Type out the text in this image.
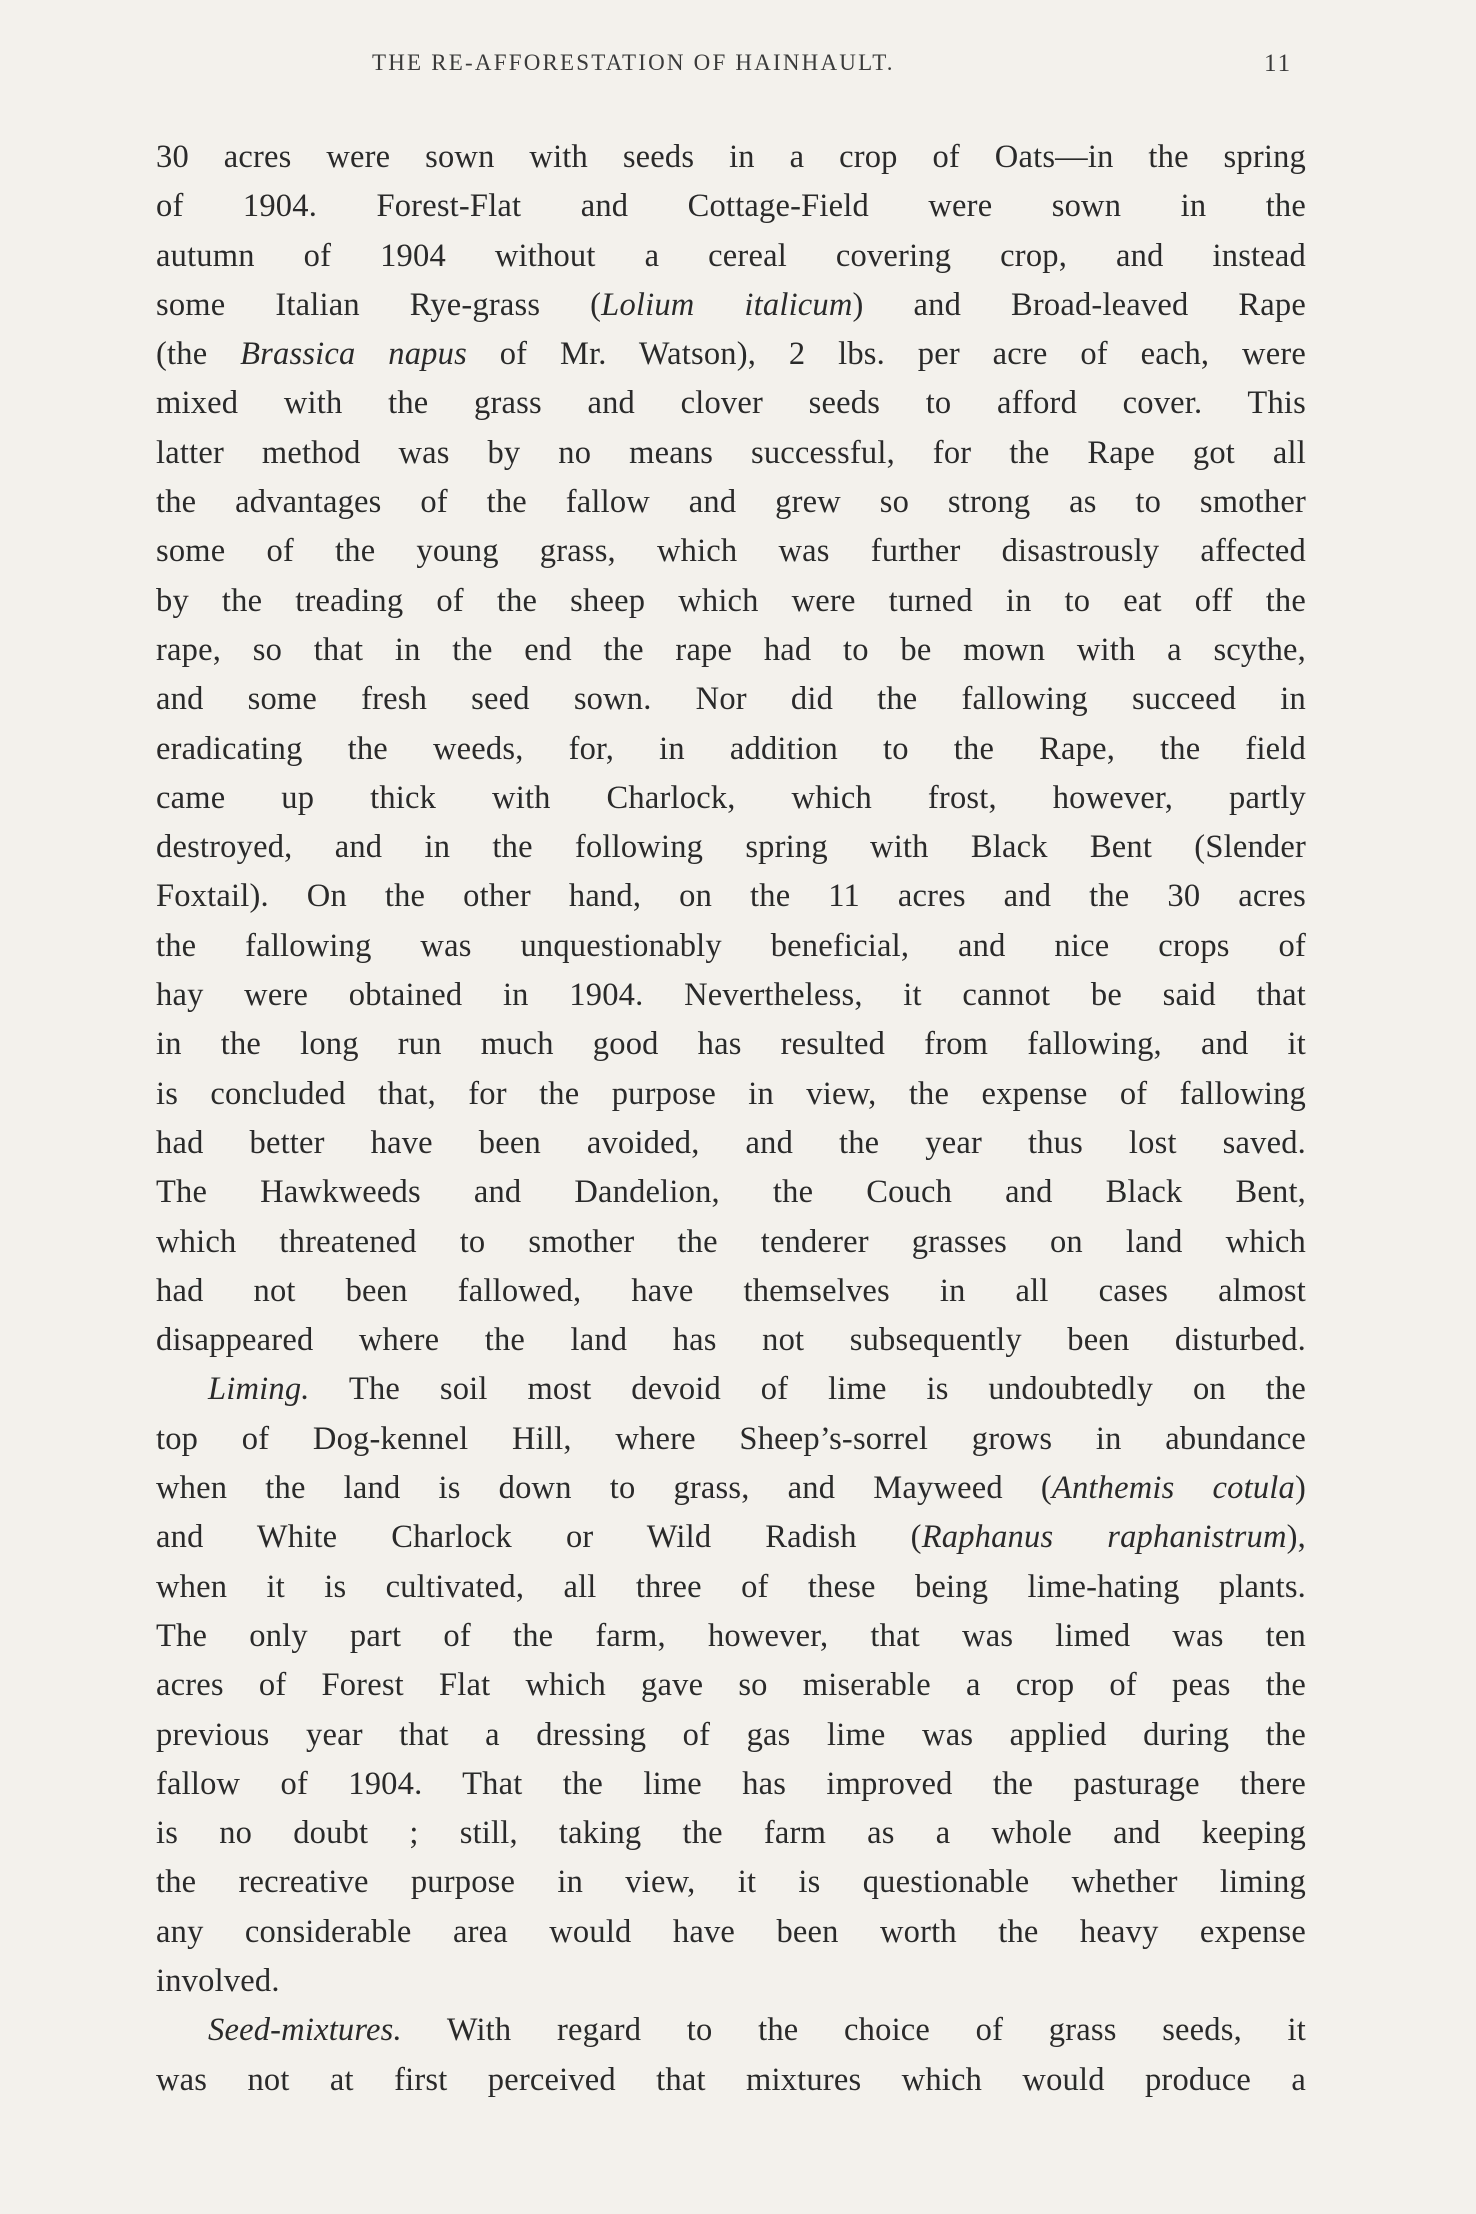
THE RE-AFFORESTATION OF HAINHAULT.	11
30 acres were sown with seeds in a crop of Oats—in the spring
of 1904. Forest-Flat and Cottage-Field were sown in the
autumn of 1904 without a cereal covering crop, and instead
some Italian Rye-grass (Lolium italicum) and Broad-leaved Rape
(the Brassica napus of Mr. Watson), 2 lbs. per acre of each, were
mixed with the grass and clover seeds to afford cover. This
latter method was by no means successful, for the Rape got all
the advantages of the fallow and grew so strong as to smother
some of the young grass, which was further disastrously affected
by the treading of the sheep which were turned in to eat off the
rape, so that in the end the rape had to be mown with a scythe,
and some fresh seed sown. Nor did the fallowing succeed in
eradicating the weeds, for, in addition to the Rape, the field
came up thick with Charlock, which frost, however, partly
destroyed, and in the following spring with Black Bent (Slender
Foxtail). On the other hand, on the 11 acres and the 30 acres
the fallowing was unquestionably beneficial, and nice crops of
hay were obtained in 1904. Nevertheless, it cannot be said that
in the long run much good has resulted from fallowing, and it
is concluded that, for the purpose in view, the expense of fallowing
had better have been avoided, and the year thus lost saved.
The Hawkweeds and Dandelion, the Couch and Black Bent,
which threatened to smother the tenderer grasses on land which
had not been fallowed, have themselves in all cases almost
disappeared where the land has not subsequently been disturbed.
Liming. The soil most devoid of lime is undoubtedly on the
top of Dog-kennel Hill, where Sheep’s-sorrel grows in abundance
when the land is down to grass, and Mayweed (Anthemis cotula)
and White Charlock or Wild Radish (Raphanus raphanistrum),
when it is cultivated, all three of these being lime-hating plants.
The only part of the farm, however, that was limed was ten
acres of Forest Flat which gave so miserable a crop of peas the
previous year that a dressing of gas lime was applied during the
fallow of 1904. That the lime has improved the pasturage there
is no doubt ; still, taking the farm as a whole and keeping
the recreative purpose in view, it is questionable whether liming
any considerable area would have been worth the heavy expense
involved.
Seed-mixtures. With regard to the choice of grass seeds, it
was not at first perceived that mixtures which would produce a
